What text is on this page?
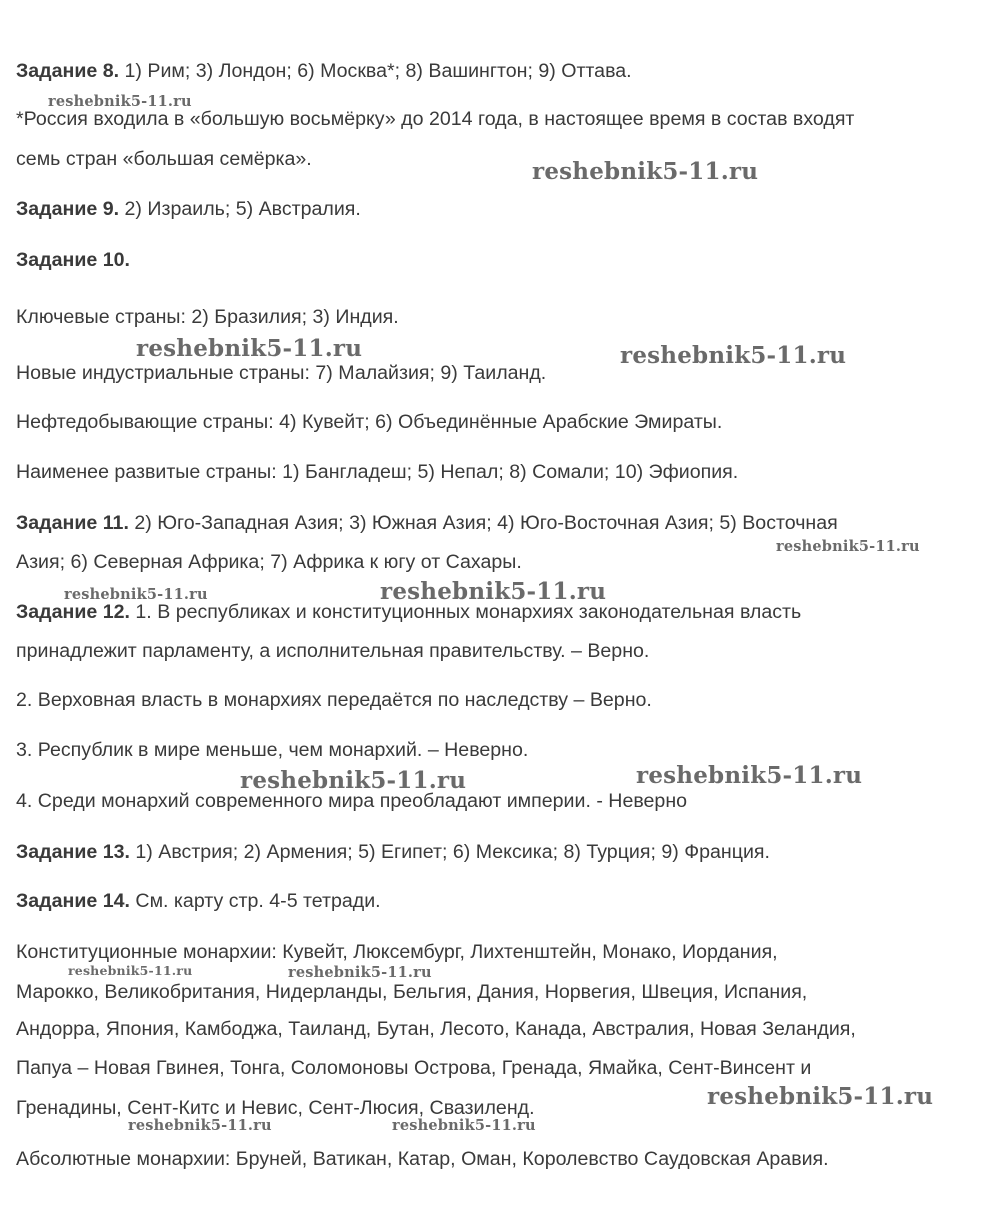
Задание 8. 1) Рим; 3) Лондон; 6) Москва*; 8) Вашингтон; 9) Оттава.
*Россия входила в «большую восьмёрку» до 2014 года, в настоящее время в состав входят
семь стран «большая семёрка».
Задание 9. 2) Израиль; 5) Австралия.
Задание 10.
Ключевые страны: 2) Бразилия; 3) Индия.
Новые индустриальные страны: 7) Малайзия; 9) Таиланд.
Нефтедобывающие страны: 4) Кувейт; 6) Объединённые Арабские Эмираты.
Наименее развитые страны: 1) Бангладеш; 5) Непал; 8) Сомали; 10) Эфиопия.
Задание 11. 2) Юго-Западная Азия; 3) Южная Азия; 4) Юго-Восточная Азия; 5) Восточная
Азия; 6) Северная Африка; 7) Африка к югу от Сахары.
Задание 12. 1. В республиках и конституционных монархиях законодательная власть
принадлежит парламенту, а исполнительная правительству. – Верно.
2. Верховная власть в монархиях передаётся по наследству – Верно.
3. Республик в мире меньше, чем монархий. – Неверно.
4. Среди монархий современного мира преобладают империи. - Неверно
Задание 13. 1) Австрия; 2) Армения; 5) Египет; 6) Мексика; 8) Турция; 9) Франция.
Задание 14. См. карту стр. 4-5 тетради.
Конституционные монархии: Кувейт, Люксембург, Лихтенштейн, Монако, Иордания,
Марокко, Великобритания, Нидерланды, Бельгия, Дания, Норвегия, Швеция, Испания,
Андорра, Япония, Камбоджа, Таиланд, Бутан, Лесото, Канада, Австралия, Новая Зеландия,
Папуа – Новая Гвинея, Тонга, Соломоновы Острова, Гренада, Ямайка, Сент-Винсент и
Гренадины, Сент-Китс и Невис, Сент-Люсия, Свазиленд.
Абсолютные монархии: Бруней, Ватикан, Катар, Оман, Королевство Саудовская Аравия.
reshebnik5-11.ru
reshebnik5-11.ru
reshebnik5-11.ru	reshebnik5-11.ru
reshebnik5-11.ru
reshebnik5-11.ru	reshebnik5-11.ru
reshebnik5-11.ru	reshebnik5-11.ru
reshebnik5-11.ru	reshebnik5-11.ru
reshebnik5-11.ru
reshebnik5-11.ru	reshebnik5-11.ru
